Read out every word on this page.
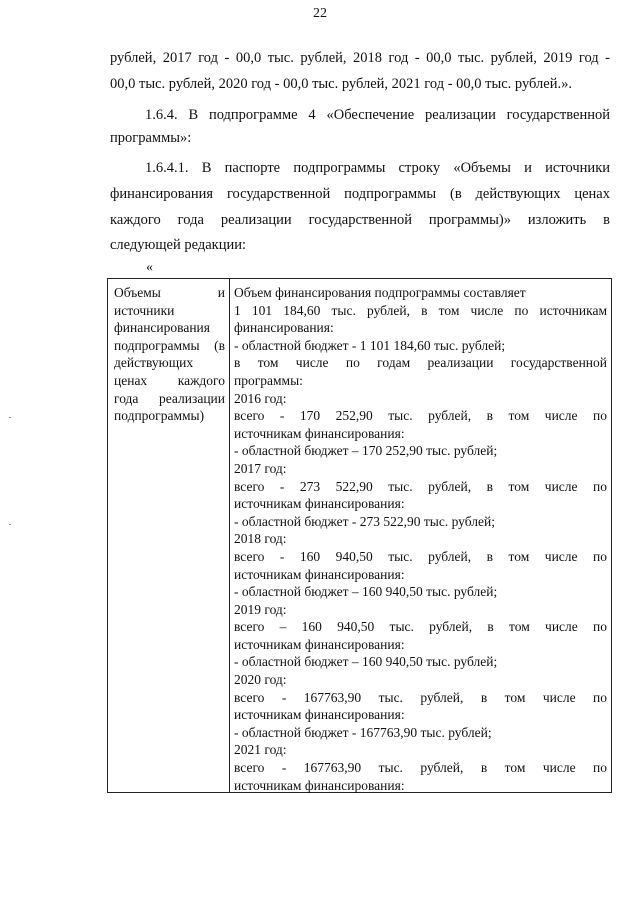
22
рублей, 2017 год - 00,0 тыс. рублей, 2018 год - 00,0 тыс. рублей, 2019 год -
00,0 тыс. рублей, 2020 год - 00,0 тыс. рублей, 2021 год - 00,0 тыс. рублей.».
1.6.4. В подпрограмме 4 «Обеспечение реализации государственной
программы»:
1.6.4.1. В паспорте подпрограммы строку «Объемы и источники
финансирования государственной подпрограммы (в действующих ценах
каждого года реализации государственной программы)» изложить в
следующей редакции:
«
Объемы и
источники
финансирования
подпрограммы (в
действующих
ценах каждого
года реализации
подпрограммы)
Объем финансирования подпрограммы составляет
1 101 184,60 тыс. рублей, в том числе по источникам
финансирования:
- областной бюджет - 1 101 184,60 тыс. рублей;
в том числе по годам реализации государственной
программы:
2016 год:
всего - 170 252,90 тыс. рублей, в том числе по
источникам финансирования:
- областной бюджет – 170 252,90 тыс. рублей;
2017 год:
всего - 273 522,90 тыс. рублей, в том числе по
источникам финансирования:
- областной бюджет - 273 522,90 тыс. рублей;
2018 год:
всего - 160 940,50 тыс. рублей, в том числе по
источникам финансирования:
- областной бюджет – 160 940,50 тыс. рублей;
2019 год:
всего – 160 940,50 тыс. рублей, в том числе по
источникам финансирования:
- областной бюджет – 160 940,50 тыс. рублей;
2020 год:
всего - 167763,90 тыс. рублей, в том числе по
источникам финансирования:
- областной бюджет - 167763,90 тыс. рублей;
2021 год:
всего - 167763,90 тыс. рублей, в том числе по
источникам финансирования:
